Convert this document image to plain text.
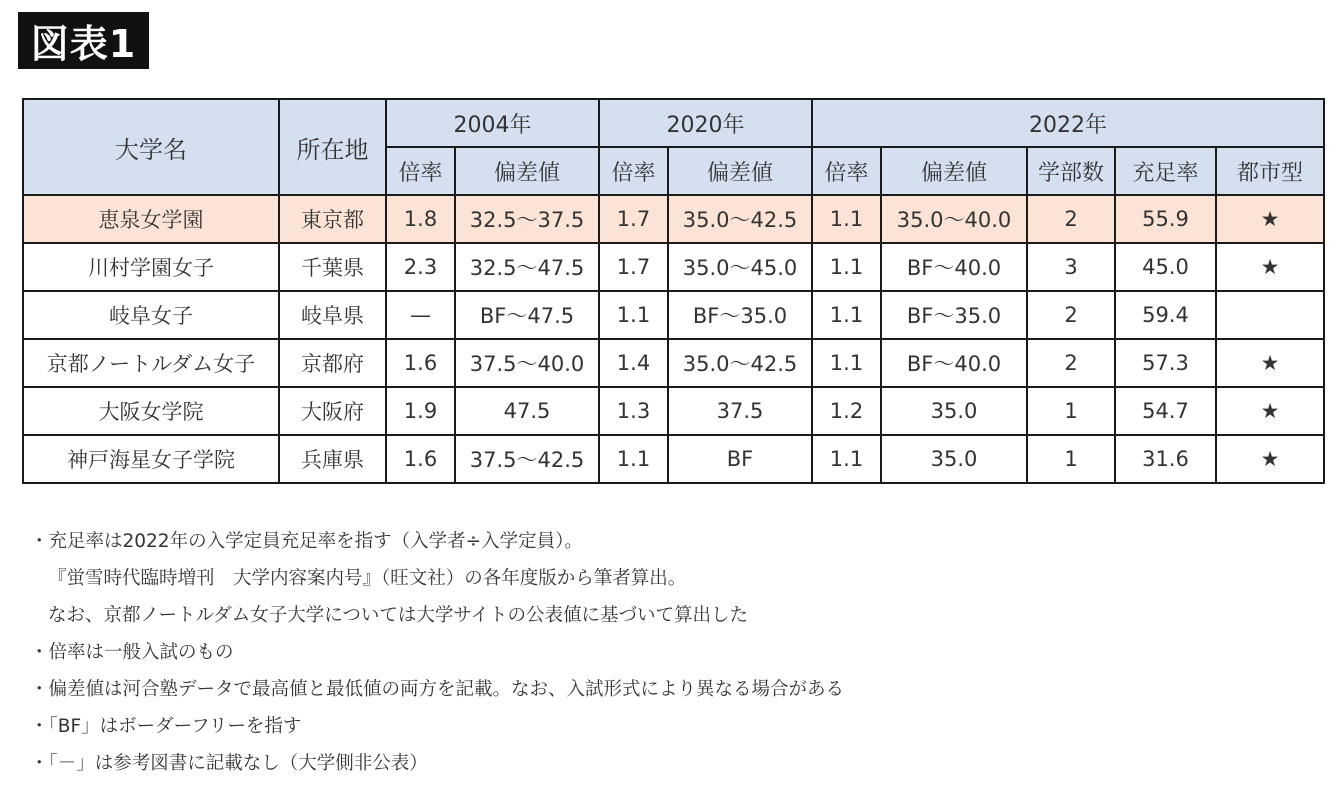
図表1
大学名	所在地	2004年		2020年		2022年				
		倍率	偏差値	倍率	偏差値	倍率	偏差値	学部数	充足率	都市型
恵泉女学園	東京都	1.8	32.5〜37.5	1.7	35.0〜42.5	1.1	35.0〜40.0	2	55.9	★
川村学園女子	千葉県	2.3	32.5〜47.5	1.7	35.0〜45.0	1.1	BF〜40.0	3	45.0	★
岐阜女子	岐阜県	—	BF〜47.5	1.1	BF〜35.0	1.1	BF〜35.0	2	59.4	
京都ノートルダム女子	京都府	1.6	37.5〜40.0	1.4	35.0〜42.5	1.1	BF〜40.0	2	57.3	★
大阪女学院	大阪府	1.9	47.5	1.3	37.5	1.2	35.0	1	54.7	★
神戸海星女子学院	兵庫県	1.6	37.5〜42.5	1.1	BF	1.1	35.0	1	31.6	★
・充足率は2022年の入学定員充足率を指す（入学者÷入学定員）。
『蛍雪時代臨時増刊　大学内容案内号』（旺文社）の各年度版から筆者算出。
なお、京都ノートルダム女子大学については大学サイトの公表値に基づいて算出した
・倍率は一般入試のもの
・偏差値は河合塾データで最高値と最低値の両方を記載。なお、入試形式により異なる場合がある
・「BF」はボーダーフリーを指す
・「－」は参考図書に記載なし（大学側非公表）
